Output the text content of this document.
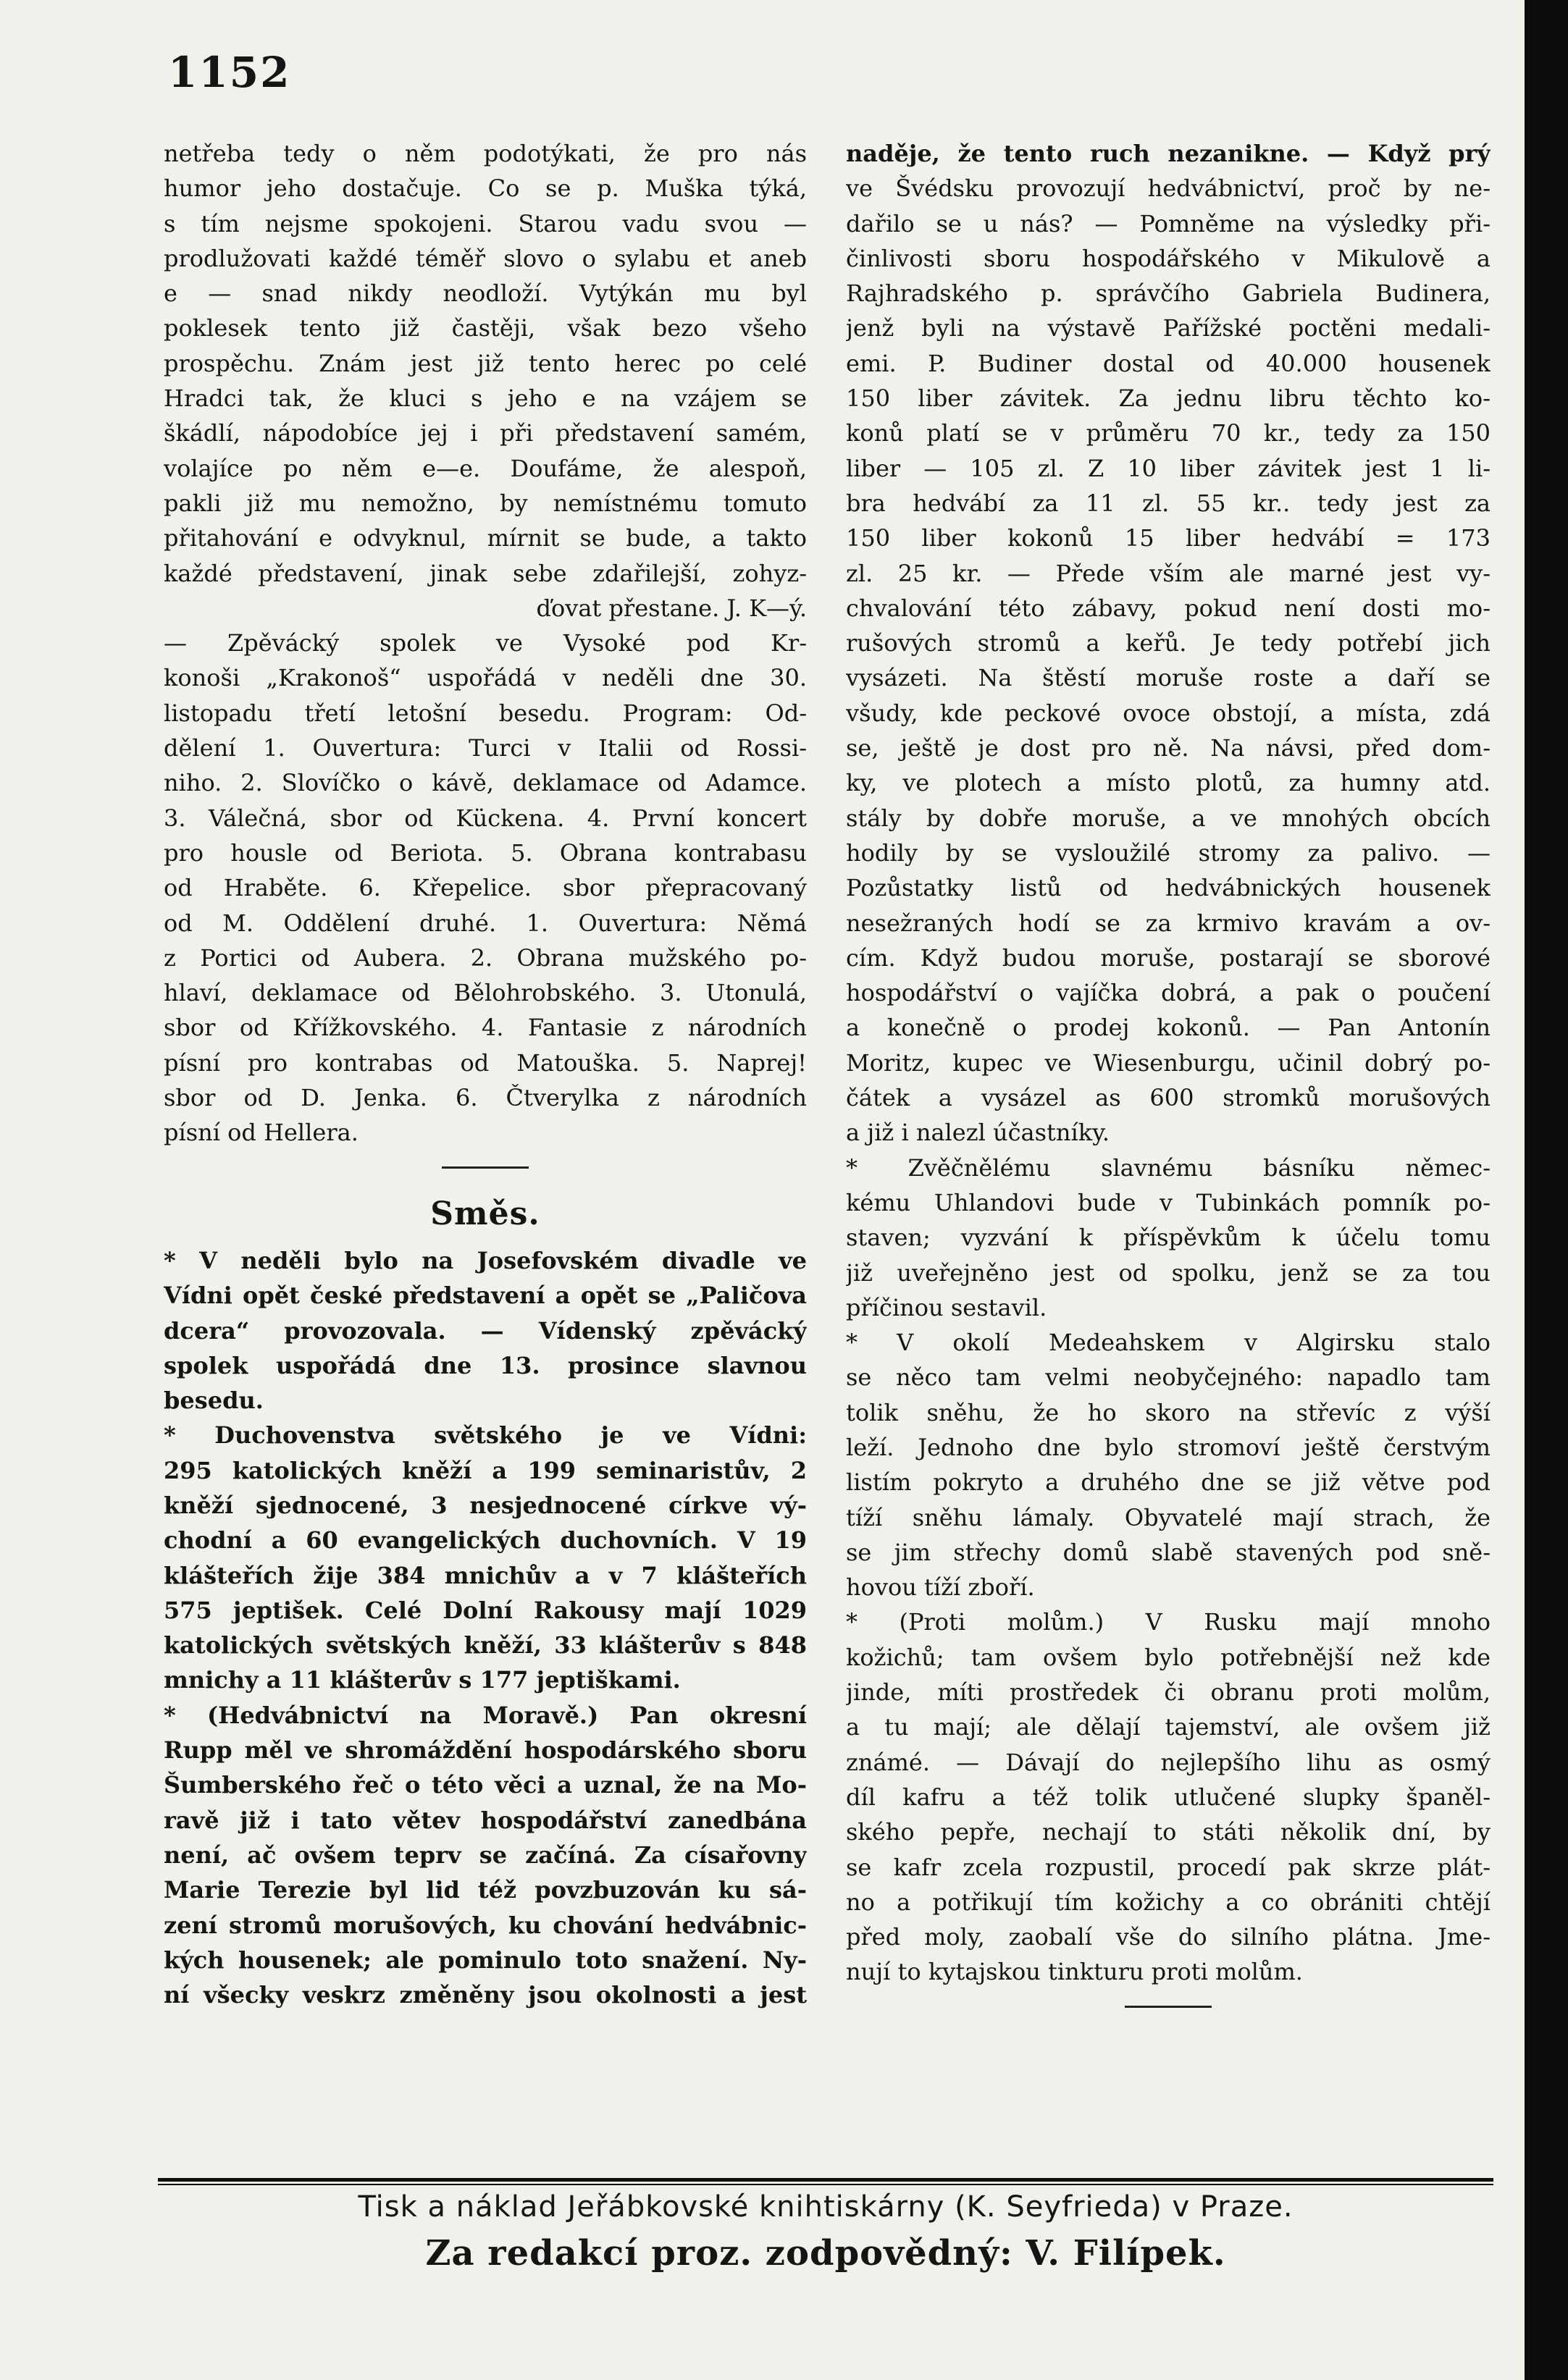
1152
netřeba tedy o něm podotýkati, že pro nás
humor jeho dostačuje. Co se p. Muška týká,
s tím nejsme spokojeni. Starou vadu svou —
prodlužovati každé téměř slovo o sylabu et aneb
e — snad nikdy neodloží. Vytýkán mu byl
poklesek tento již častěji, však bezo všeho
prospěchu. Znám jest již tento herec po celé
Hradci tak, že kluci s jeho e na vzájem se
škádlí, nápodobíce jej i při představení samém,
volajíce po něm e—e. Doufáme, že alespoň,
pakli již mu nemožno, by nemístnému tomuto
přitahování e odvyknul, mírnit se bude, a takto
každé představení, jinak sebe zdařilejší, zohyz-
ďovat přestane. J. K—ý.
— Zpěvácký spolek ve Vysoké pod Kr-
konoši „Krakonoš“ uspořádá v neděli dne 30.
listopadu třetí letošní besedu. Program: Od-
dělení 1. Ouvertura: Turci v Italii od Rossi-
niho. 2. Slovíčko o kávě, deklamace od Adamce.
3. Válečná, sbor od Kückena. 4. První koncert
pro housle od Beriota. 5. Obrana kontrabasu
od Hraběte. 6. Křepelice. sbor přepracovaný
od M. Oddělení druhé. 1. Ouvertura: Němá
z Portici od Aubera. 2. Obrana mužského po-
hlaví, deklamace od Bělohrobského. 3. Utonulá,
sbor od Křížkovského. 4. Fantasie z národních
písní pro kontrabas od Matouška. 5. Naprej!
sbor od D. Jenka. 6. Čtverylka z národních
písní od Hellera.
Směs.
* V neděli bylo na Josefovském divadle ve
Vídni opět české představení a opět se „Paličova
dcera“ provozovala. — Vídenský zpěvácký
spolek uspořádá dne 13. prosince slavnou
besedu.
* Duchovenstva světského je ve Vídni:
295 katolických kněží a 199 seminaristův, 2
kněží sjednocené, 3 nesjednocené církve vý-
chodní a 60 evangelických duchovních. V 19
klášteřích žije 384 mnichův a v 7 klášteřích
575 jeptišek. Celé Dolní Rakousy mají 1029
katolických světských kněží, 33 klášterův s 848
mnichy a 11 klášterův s 177 jeptiškami.
* (Hedvábnictví na Moravě.) Pan okresní
Rupp měl ve shromáždění hospodárského sboru
Šumberského řeč o této věci a uznal, že na Mo-
ravě již i tato větev hospodářství zanedbána
není, ač ovšem teprv se začíná. Za císařovny
Marie Terezie byl lid též povzbuzován ku sá-
zení stromů morušových, ku chování hedvábnic-
kých housenek; ale pominulo toto snažení. Ny-
ní všecky veskrz změněny jsou okolnosti a jest
naděje, že tento ruch nezanikne. — Když prý
ve Švédsku provozují hedvábnictví, proč by ne-
dařilo se u nás? — Pomněme na výsledky při-
činlivosti sboru hospodářského v Mikulově a
Rajhradského p. správčího Gabriela Budinera,
jenž byli na výstavě Pařížské poctěni medali-
emi. P. Budiner dostal od 40.000 housenek
150 liber závitek. Za jednu libru těchto ko-
konů platí se v průměru 70 kr., tedy za 150
liber — 105 zl. Z 10 liber závitek jest 1 li-
bra hedvábí za 11 zl. 55 kr.. tedy jest za
150 liber kokonů 15 liber hedvábí = 173
zl. 25 kr. — Přede vším ale marné jest vy-
chvalování této zábavy, pokud není dosti mo-
rušových stromů a keřů. Je tedy potřebí jich
vysázeti. Na štěstí moruše roste a daří se
všudy, kde peckové ovoce obstojí, a místa, zdá
se, ještě je dost pro ně. Na návsi, před dom-
ky, ve plotech a místo plotů, za humny atd.
stály by dobře moruše, a ve mnohých obcích
hodily by se vysloužilé stromy za palivo. —
Pozůstatky listů od hedvábnických housenek
nesežraných hodí se za krmivo kravám a ov-
cím. Když budou moruše, postarají se sborové
hospodářství o vajíčka dobrá, a pak o poučení
a konečně o prodej kokonů. — Pan Antonín
Moritz, kupec ve Wiesenburgu, učinil dobrý po-
čátek a vysázel as 600 stromků morušových
a již i nalezl účastníky.
* Zvěčnělému slavnému básníku němec-
kému Uhlandovi bude v Tubinkách pomník po-
staven; vyzvání k příspěvkům k účelu tomu
již uveřejněno jest od spolku, jenž se za tou
příčinou sestavil.
* V okolí Medeahskem v Algirsku stalo
se něco tam velmi neobyčejného: napadlo tam
tolik sněhu, že ho skoro na střevíc z výší
leží. Jednoho dne bylo stromoví ještě čerstvým
listím pokryto a druhého dne se již větve pod
tíží sněhu lámaly. Obyvatelé mají strach, že
se jim střechy domů slabě stavených pod sně-
hovou tíží zboří.
* (Proti molům.) V Rusku mají mnoho
kožichů; tam ovšem bylo potřebnější než kde
jinde, míti prostředek či obranu proti molům,
a tu mají; ale dělají tajemství, ale ovšem již
známé. — Dávají do nejlepšího lihu as osmý
díl kafru a též tolik utlučené slupky španěl-
ského pepře, nechají to státi několik dní, by
se kafr zcela rozpustil, procedí pak skrze plát-
no a potřikují tím kožichy a co obrániti chtějí
před moly, zaobalí vše do silního plátna. Jme-
nují to kytajskou tinkturu proti molům.
Tisk a náklad Jeřábkovské knihtiskárny (K. Seyfrieda) v Praze.
Za redakcí proz. zodpovědný: V. Filípek.
